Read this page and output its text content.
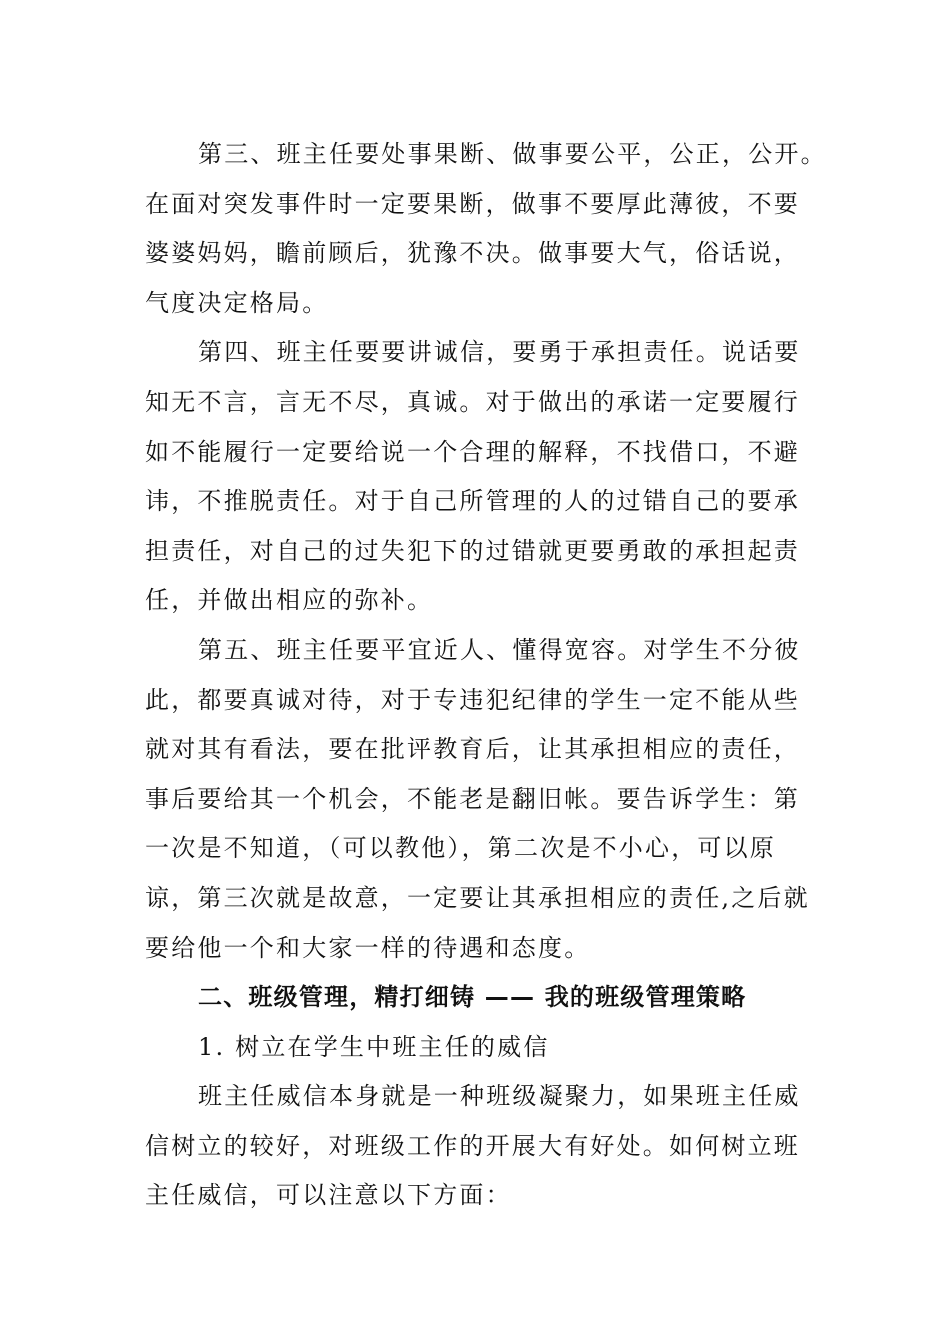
第三、班主任要处事果断、做事要公平，公正，公开。
在面对突发事件时一定要果断，做事不要厚此薄彼，不要
婆婆妈妈，瞻前顾后，犹豫不决。做事要大气，俗话说，
气度决定格局。
第四、班主任要要讲诚信，要勇于承担责任。说话要
知无不言，言无不尽，真诚。对于做出的承诺一定要履行
如不能履行一定要给说一个合理的解释，不找借口，不避
讳，不推脱责任。对于自己所管理的人的过错自己的要承
担责任，对自己的过失犯下的过错就更要勇敢的承担起责
任，并做出相应的弥补。
第五、班主任要平宜近人、懂得宽容。对学生不分彼
此，都要真诚对待，对于专违犯纪律的学生一定不能从些
就对其有看法，要在批评教育后，让其承担相应的责任，
事后要给其一个机会，不能老是翻旧帐。要告诉学生：第
一次是不知道，（可以教他），第二次是不小心，可以原
谅，第三次就是故意，一定要让其承担相应的责任,之后就
要给他一个和大家一样的待遇和态度。
二、班级管理，精打细铸 —— 我的班级管理策略
1. 树立在学生中班主任的威信
班主任威信本身就是一种班级凝聚力，如果班主任威
信树立的较好，对班级工作的开展大有好处。如何树立班
主任威信，可以注意以下方面：
